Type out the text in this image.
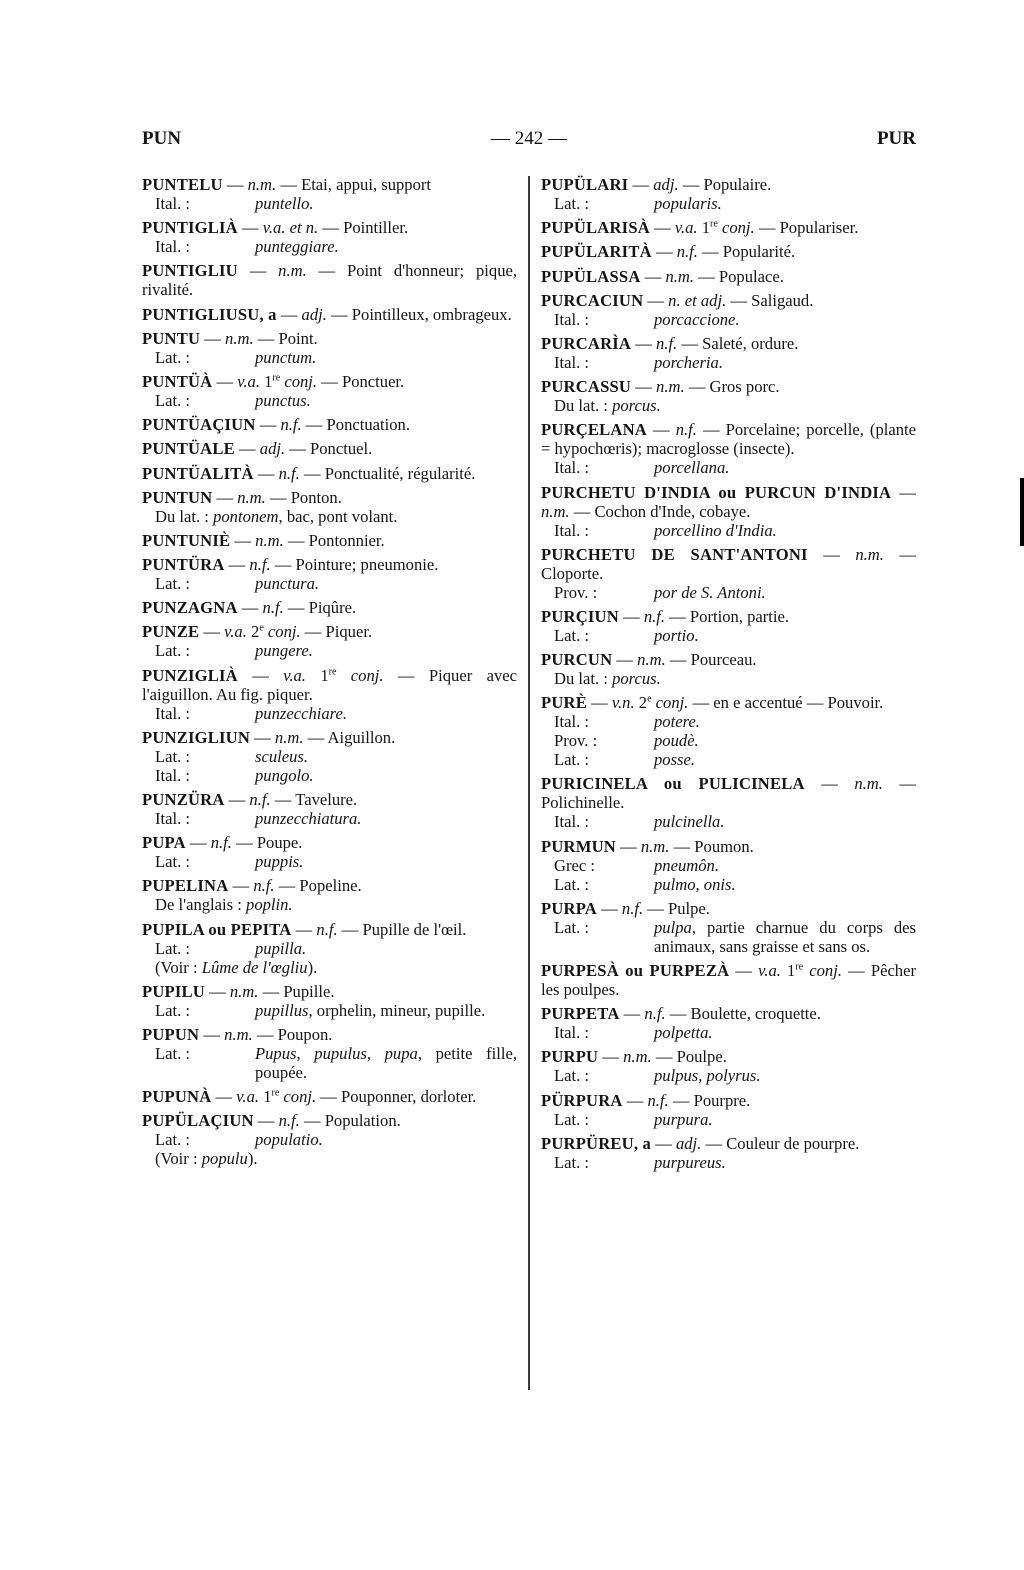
PUN	— 242 —	PUR
PUNTELU — n.m. — Etai, appui, support
Ital. :	puntello.
PUNTIGLIÀ — v.a. et n. — Pointiller.
Ital. :	punteggiare.
PUNTIGLIU — n.m. — Point d'honneur; pique, rivalité.
PUNTIGLIUSU, a — adj. — Pointilleux, ombrageux.
PUNTU — n.m. — Point.
Lat. :	punctum.
PUNTÜÀ — v.a. 1re conj. — Ponctuer.
Lat. :	punctus.
PUNTÜAÇIUN — n.f. — Ponctuation.
PUNTÜALE — adj. — Ponctuel.
PUNTÜALITÀ — n.f. — Ponctualité, régularité.
PUNTUN — n.m. — Ponton.
Du lat. : pontonem, bac, pont volant.
PUNTUNIÈ — n.m. — Pontonnier.
PUNTÜRA — n.f. — Pointure; pneumonie.
Lat. :	punctura.
PUNZAGNA — n.f. — Piqûre.
PUNZE — v.a. 2e conj. — Piquer.
Lat. :	pungere.
PUNZIGLIÀ — v.a. 1re conj. — Piquer avec l'aiguillon. Au fig. piquer.
Ital. :	punzecchiare.
PUNZIGLIUN — n.m. — Aiguillon.
Lat. :	sculeus.
Ital. :	pungolo.
PUNZÜRA — n.f. — Tavelure.
Ital. :	punzecchiatura.
PUPA — n.f. — Poupe.
Lat. :	puppis.
PUPELINA — n.f. — Popeline.
De l'anglais : poplin.
PUPILA ou PEPITA — n.f. — Pupille de l'œil.
Lat. :	pupilla.
(Voir : Lûme de l'œgliu).
PUPILU — n.m. — Pupille.
Lat. :	pupillus, orphelin, mineur, pupille.
PUPUN — n.m. — Poupon.
Lat. :	Pupus, pupulus, pupa, petite fille, poupée.
PUPUNÀ — v.a. 1re conj. — Pouponner, dorloter.
PUPÜLAÇIUN — n.f. — Population.
Lat. :	populatio.
(Voir : populu).
PUPÜLARI — adj. — Populaire.
Lat. :	popularis.
PUPÜLARISÀ — v.a. 1re conj. — Populariser.
PUPÜLARITÀ — n.f. — Popularité.
PUPÜLASSA — n.m. — Populace.
PURCACIUN — n. et adj. — Saligaud.
Ital. :	porcaccione.
PURCARÌA — n.f. — Saleté, ordure.
Ital. :	porcheria.
PURCASSU — n.m. — Gros porc.
Du lat. : porcus.
PURÇELANA — n.f. — Porcelaine; porcelle, (plante = hypochœris); macroglosse (insecte).
Ital. :	porcellana.
PURCHETU D'INDIA ou PURCUN D'INDIA — n.m. — Cochon d'Inde, cobaye.
Ital. :	porcellino d'India.
PURCHETU DE SANT'ANTONI — n.m. — Cloporte.
Prov. :	por de S. Antoni.
PURÇIUN — n.f. — Portion, partie.
Lat. :	portio.
PURCUN — n.m. — Pourceau.
Du lat. : porcus.
PURÈ — v.n. 2e conj. — en e accentué — Pouvoir.
Ital. :	potere.
Prov. :	poudè.
Lat. :	posse.
PURICINELA ou PULICINELA — n.m. — Polichinelle.
Ital. :	pulcinella.
PURMUN — n.m. — Poumon.
Grec :	pneumôn.
Lat. :	pulmo, onis.
PURPA — n.f. — Pulpe.
Lat. :	pulpa, partie charnue du corps des animaux, sans graisse et sans os.
PURPESÀ ou PURPEZÀ — v.a. 1re conj. — Pêcher les poulpes.
PURPETA — n.f. — Boulette, croquette.
Ital. :	polpetta.
PURPU — n.m. — Poulpe.
Lat. :	pulpus, polyrus.
PÜRPURA — n.f. — Pourpre.
Lat. :	purpura.
PURPÜREU, a — adj. — Couleur de pourpre.
Lat. :	purpureus.
